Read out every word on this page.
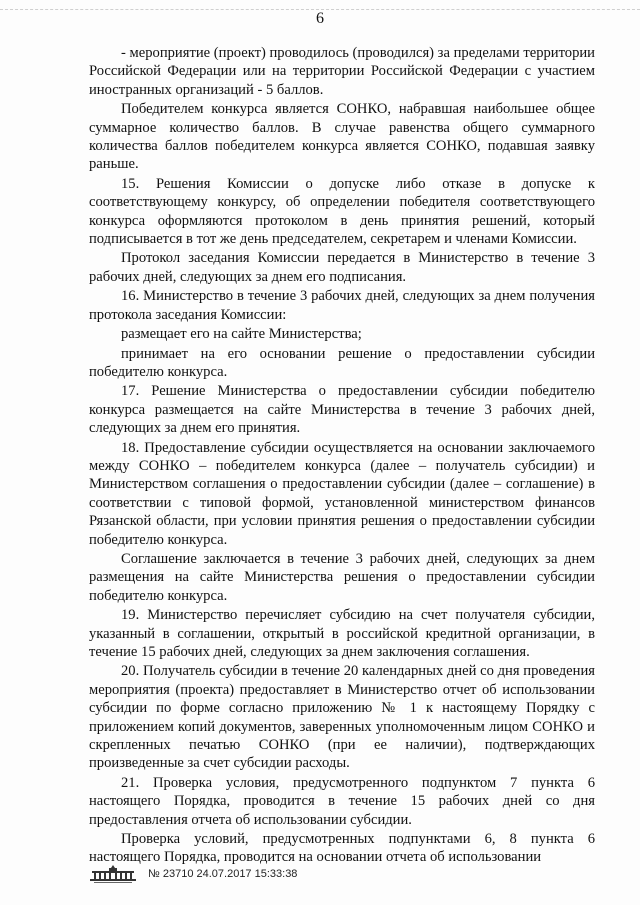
6

- мероприятие (проект) проводилось (проводился) за пределами территории Российской Федерации или на территории Российской Федерации с участием иностранных организаций - 5 баллов.

Победителем конкурса является СОНКО, набравшая наибольшее общее суммарное количество баллов. В случае равенства общего суммарного количества баллов победителем конкурса является СОНКО, подавшая заявку раньше.

15. Решения Комиссии о допуске либо отказе в допуске к соответствующему конкурсу, об определении победителя соответствующего конкурса оформляются протоколом в день принятия решений, который подписывается в тот же день председателем, секретарем и членами Комиссии.

Протокол заседания Комиссии передается в Министерство в течение 3 рабочих дней, следующих за днем его подписания.

16. Министерство в течение 3 рабочих дней, следующих за днем получения протокола заседания Комиссии:

размещает его на сайте Министерства;

принимает на его основании решение о предоставлении субсидии победителю конкурса.

17. Решение Министерства о предоставлении субсидии победителю конкурса размещается на сайте Министерства в течение 3 рабочих дней, следующих за днем его принятия.

18. Предоставление субсидии осуществляется на основании заключаемого между СОНКО – победителем конкурса (далее – получатель субсидии) и Министерством соглашения о предоставлении субсидии (далее – соглашение) в соответствии с типовой формой, установленной министерством финансов Рязанской области, при условии принятия решения о предоставлении субсидии победителю конкурса.

Соглашение заключается в течение 3 рабочих дней, следующих за днем размещения на сайте Министерства решения о предоставлении субсидии победителю конкурса.

19. Министерство перечисляет субсидию на счет получателя субсидии, указанный в соглашении, открытый в российской кредитной организации, в течение 15 рабочих дней, следующих за днем заключения соглашения.

20. Получатель субсидии в течение 20 календарных дней со дня проведения мероприятия (проекта) предоставляет в Министерство отчет об использовании субсидии по форме согласно приложению № 1 к настоящему Порядку с приложением копий документов, заверенных уполномоченным лицом СОНКО и скрепленных печатью СОНКО (при ее наличии), подтверждающих произведенные за счет субсидии расходы.

21. Проверка условия, предусмотренного подпунктом 7 пункта 6 настоящего Порядка, проводится в течение 15 рабочих дней со дня предоставления отчета об использовании субсидии.

Проверка условий, предусмотренных подпунктами 6, 8 пункта 6 настоящего Порядка, проводится на основании отчета об использовании

№ 23710 24.07.2017 15:33:38
